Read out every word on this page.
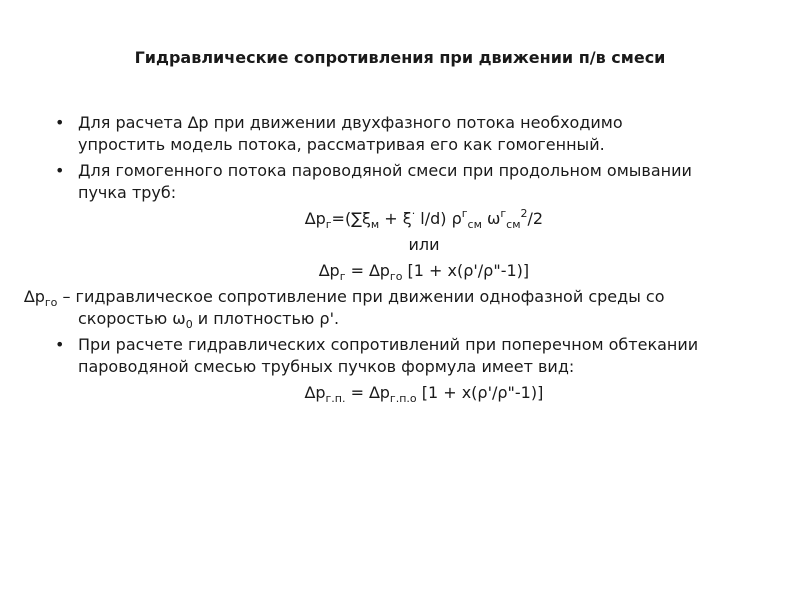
Гидравлические сопротивления при движении п/в смеси
• Для расчета ∆p при движении двухфазного потока необходимо
упростить модель потока, рассматривая его как гомогенный.
• Для гомогенного потока пароводяной смеси при продольном омывании
пучка труб:
$\Delta p_г=(\sum\xi_м + \xi^\cdot$ l/d) $\rho^г_{см}$ $\omega^г_{см}^2/2$
или
$\Delta p_г = \Delta p_{го}$ [1 + x(ρ'/ρ"-1)]
$\Delta p_{го}$ – гидравлическое сопротивление при движении однофазной среды со
скоростью $\omega_0$ и плотностью ρ'.
• При расчете гидравлических сопротивлений при поперечном обтекании
пароводяной смесью трубных пучков формула имеет вид:
$\Delta p_{г.п.} = \Delta p_{г.п.о}$ [1 + x(ρ'/ρ"-1)]
